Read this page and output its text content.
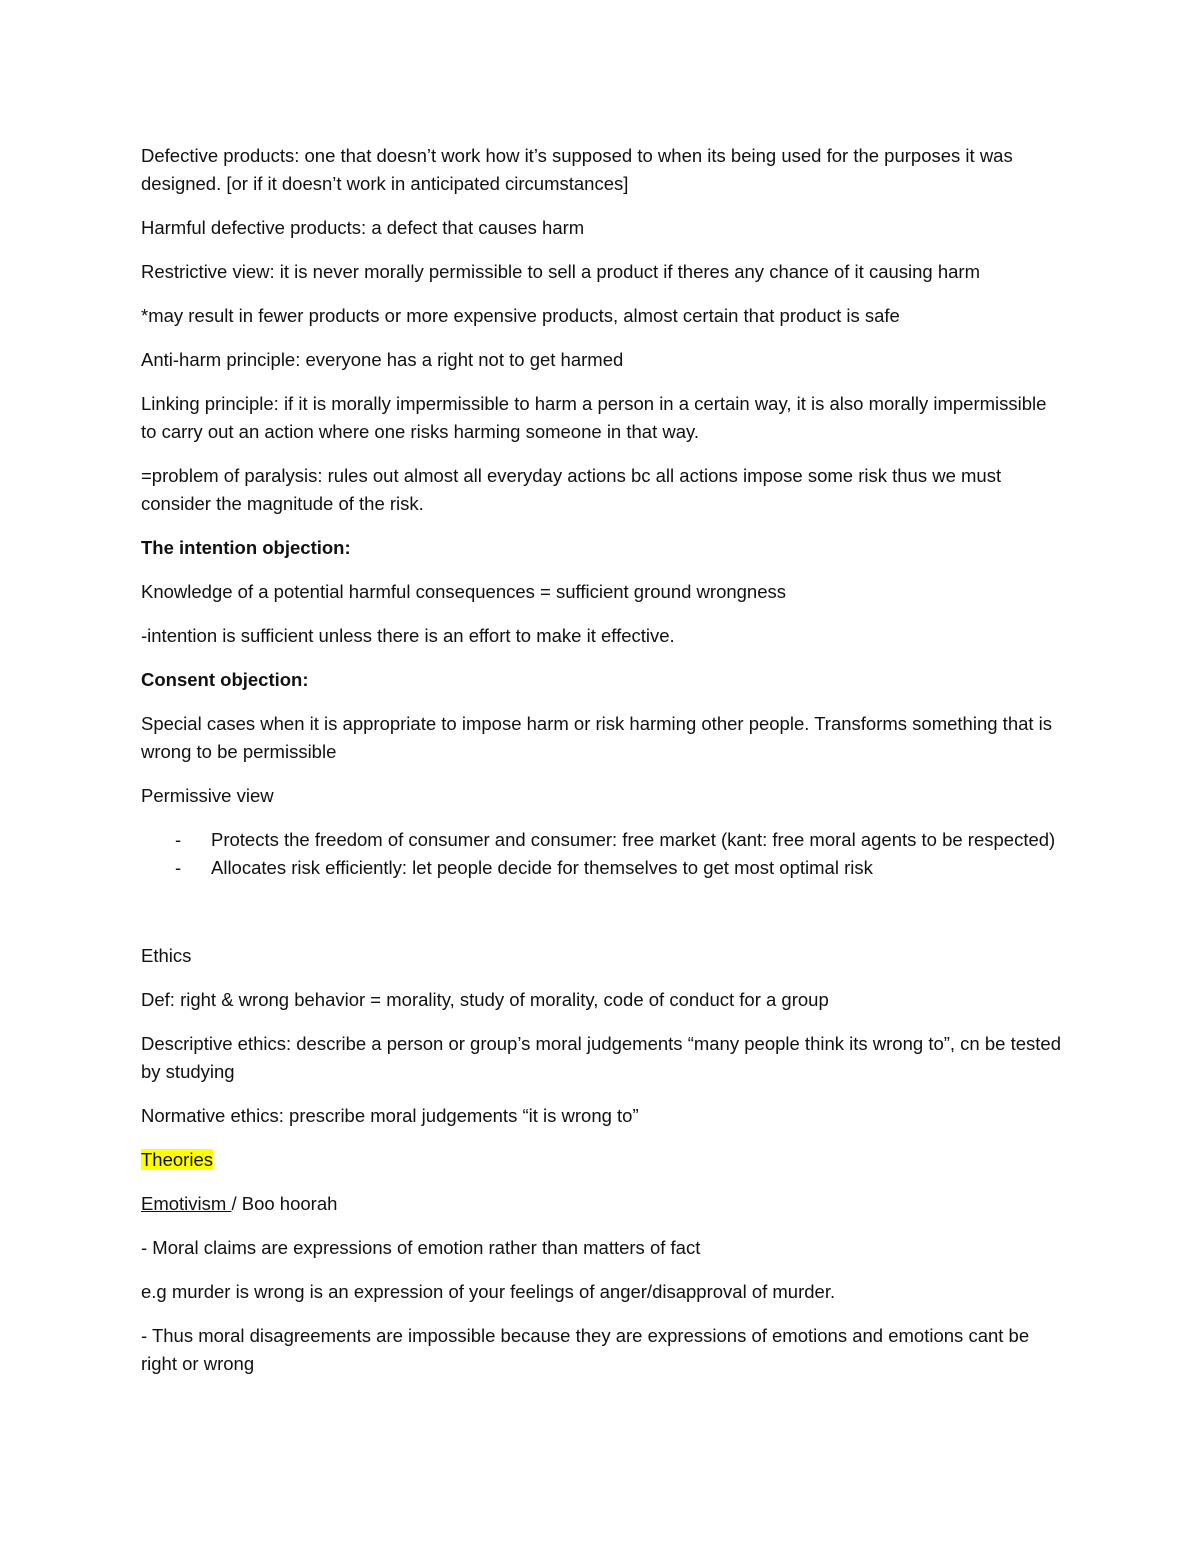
Defective products: one that doesn’t work how it’s supposed to when its being used for the purposes it was designed. [or if it doesn’t work in anticipated circumstances]

Harmful defective products: a defect that causes harm

Restrictive view: it is never morally permissible to sell a product if theres any chance of it causing harm

*may result in fewer products or more expensive products, almost certain that product is safe

Anti-harm principle: everyone has a right not to get harmed

Linking principle: if it is morally impermissible to harm a person in a certain way, it is also morally impermissible to carry out an action where one risks harming someone in that way.

=problem of paralysis: rules out almost all everyday actions bc all actions impose some risk thus we must consider the magnitude of the risk.

The intention objection:

Knowledge of a potential harmful consequences = sufficient ground wrongness

-intention is sufficient unless there is an effort to make it effective.

Consent objection:

Special cases when it is appropriate to impose harm or risk harming other people. Transforms something that is wrong to be permissible

Permissive view

- Protects the freedom of consumer and consumer: free market (kant: free moral agents to be respected)
- Allocates risk efficiently: let people decide for themselves to get most optimal risk

Ethics

Def: right & wrong behavior = morality, study of morality, code of conduct for a group

Descriptive ethics: describe a person or group’s moral judgements “many people think its wrong to”, cn be tested by studying

Normative ethics: prescribe moral judgements “it is wrong to”

Theories

Emotivism / Boo hoorah

- Moral claims are expressions of emotion rather than matters of fact

e.g murder is wrong is an expression of your feelings of anger/disapproval of murder.

- Thus moral disagreements are impossible because they are expressions of emotions and emotions cant be right or wrong
